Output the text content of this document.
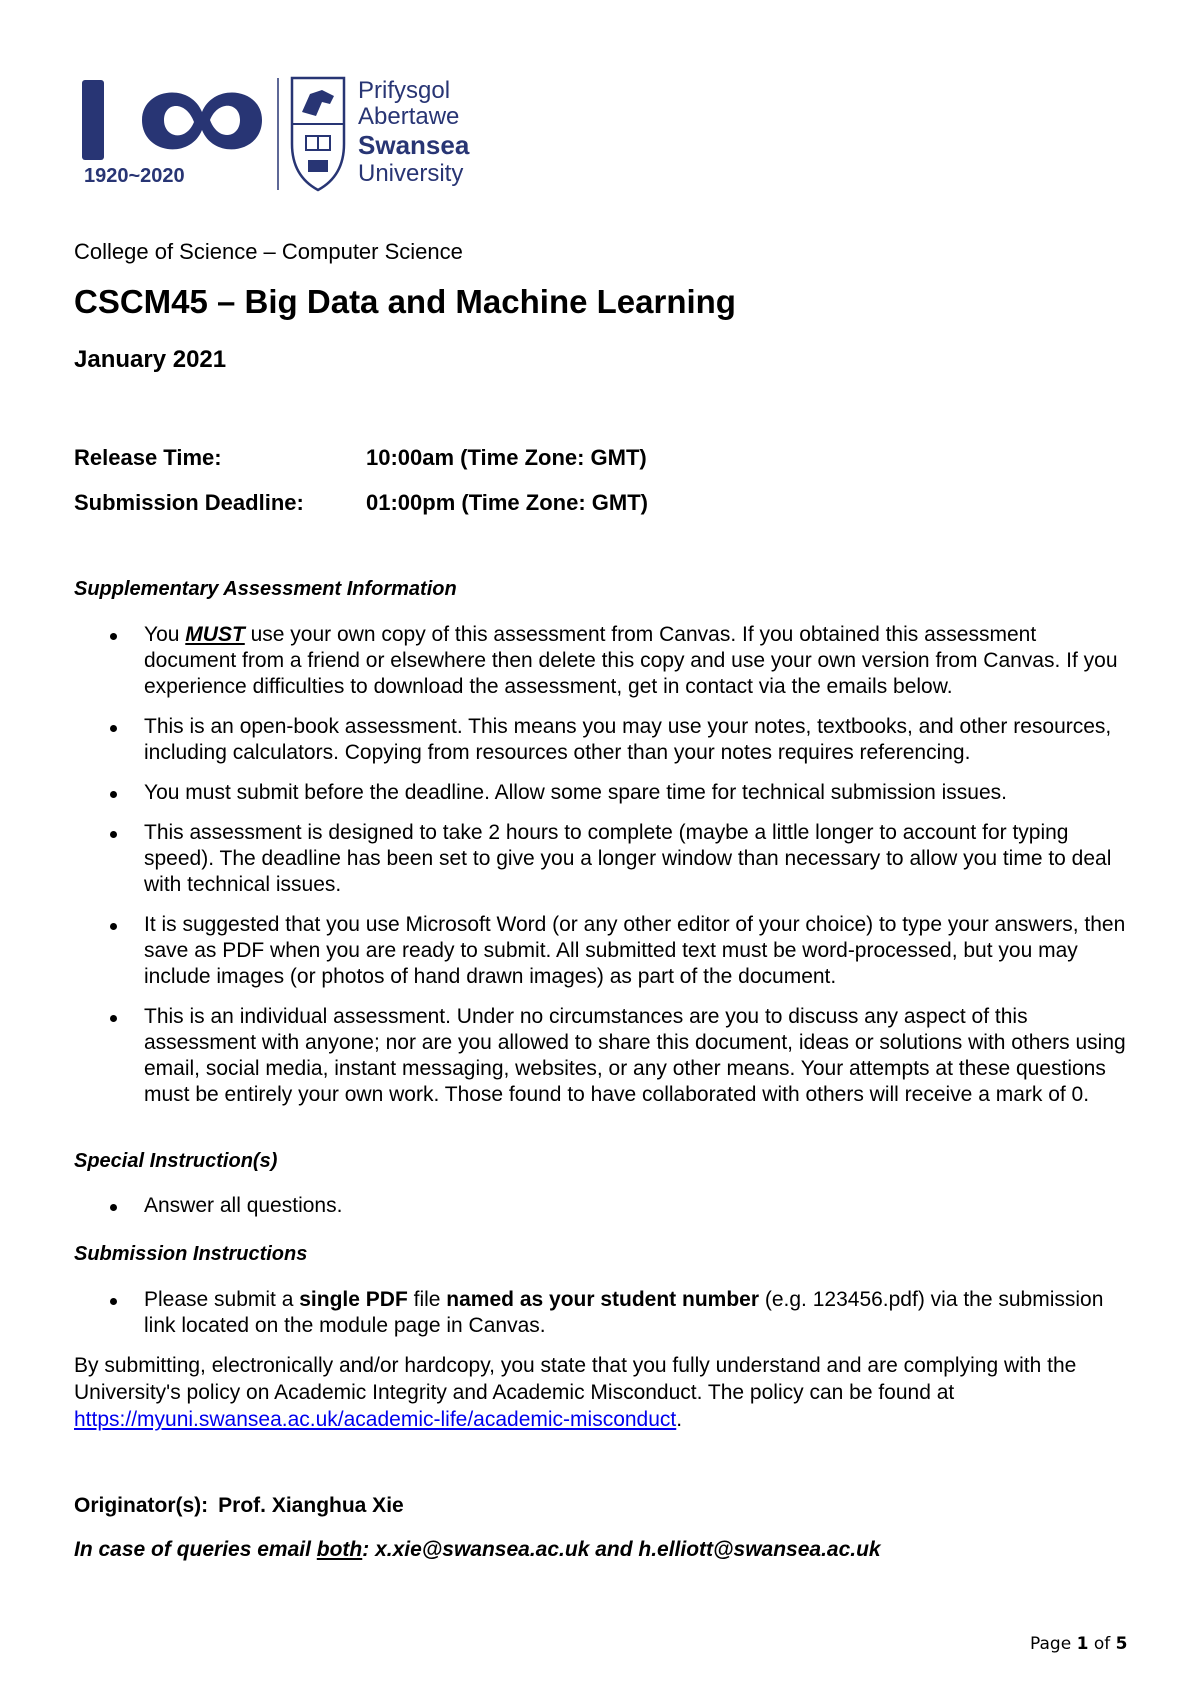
1920~2020
Prifysgol
Abertawe
Swansea
University
College of Science – Computer Science
CSCM45 – Big Data and Machine Learning
January 2021
Release Time:	10:00am (Time Zone: GMT)
Submission Deadline:	01:00pm (Time Zone: GMT)
Supplementary Assessment Information
You MUST use your own copy of this assessment from Canvas. If you obtained this assessment document from a friend or elsewhere then delete this copy and use your own version from Canvas. If you experience difficulties to download the assessment, get in contact via the emails below.
This is an open-book assessment. This means you may use your notes, textbooks, and other resources, including calculators. Copying from resources other than your notes requires referencing.
You must submit before the deadline. Allow some spare time for technical submission issues.
This assessment is designed to take 2 hours to complete (maybe a little longer to account for typing speed). The deadline has been set to give you a longer window than necessary to allow you time to deal with technical issues.
It is suggested that you use Microsoft Word (or any other editor of your choice) to type your answers, then save as PDF when you are ready to submit. All submitted text must be word-processed, but you may include images (or photos of hand drawn images) as part of the document.
This is an individual assessment. Under no circumstances are you to discuss any aspect of this assessment with anyone; nor are you allowed to share this document, ideas or solutions with others using email, social media, instant messaging, websites, or any other means. Your attempts at these questions must be entirely your own work. Those found to have collaborated with others will receive a mark of 0.
Special Instruction(s)
Answer all questions.
Submission Instructions
Please submit a single PDF file named as your student number (e.g. 123456.pdf) via the submission link located on the module page in Canvas.
By submitting, electronically and/or hardcopy, you state that you fully understand and are complying with the University's policy on Academic Integrity and Academic Misconduct. The policy can be found at https://myuni.swansea.ac.uk/academic-life/academic-misconduct.
Originator(s): Prof. Xianghua Xie
In case of queries email both: x.xie@swansea.ac.uk and h.elliott@swansea.ac.uk
Page 1 of 5
